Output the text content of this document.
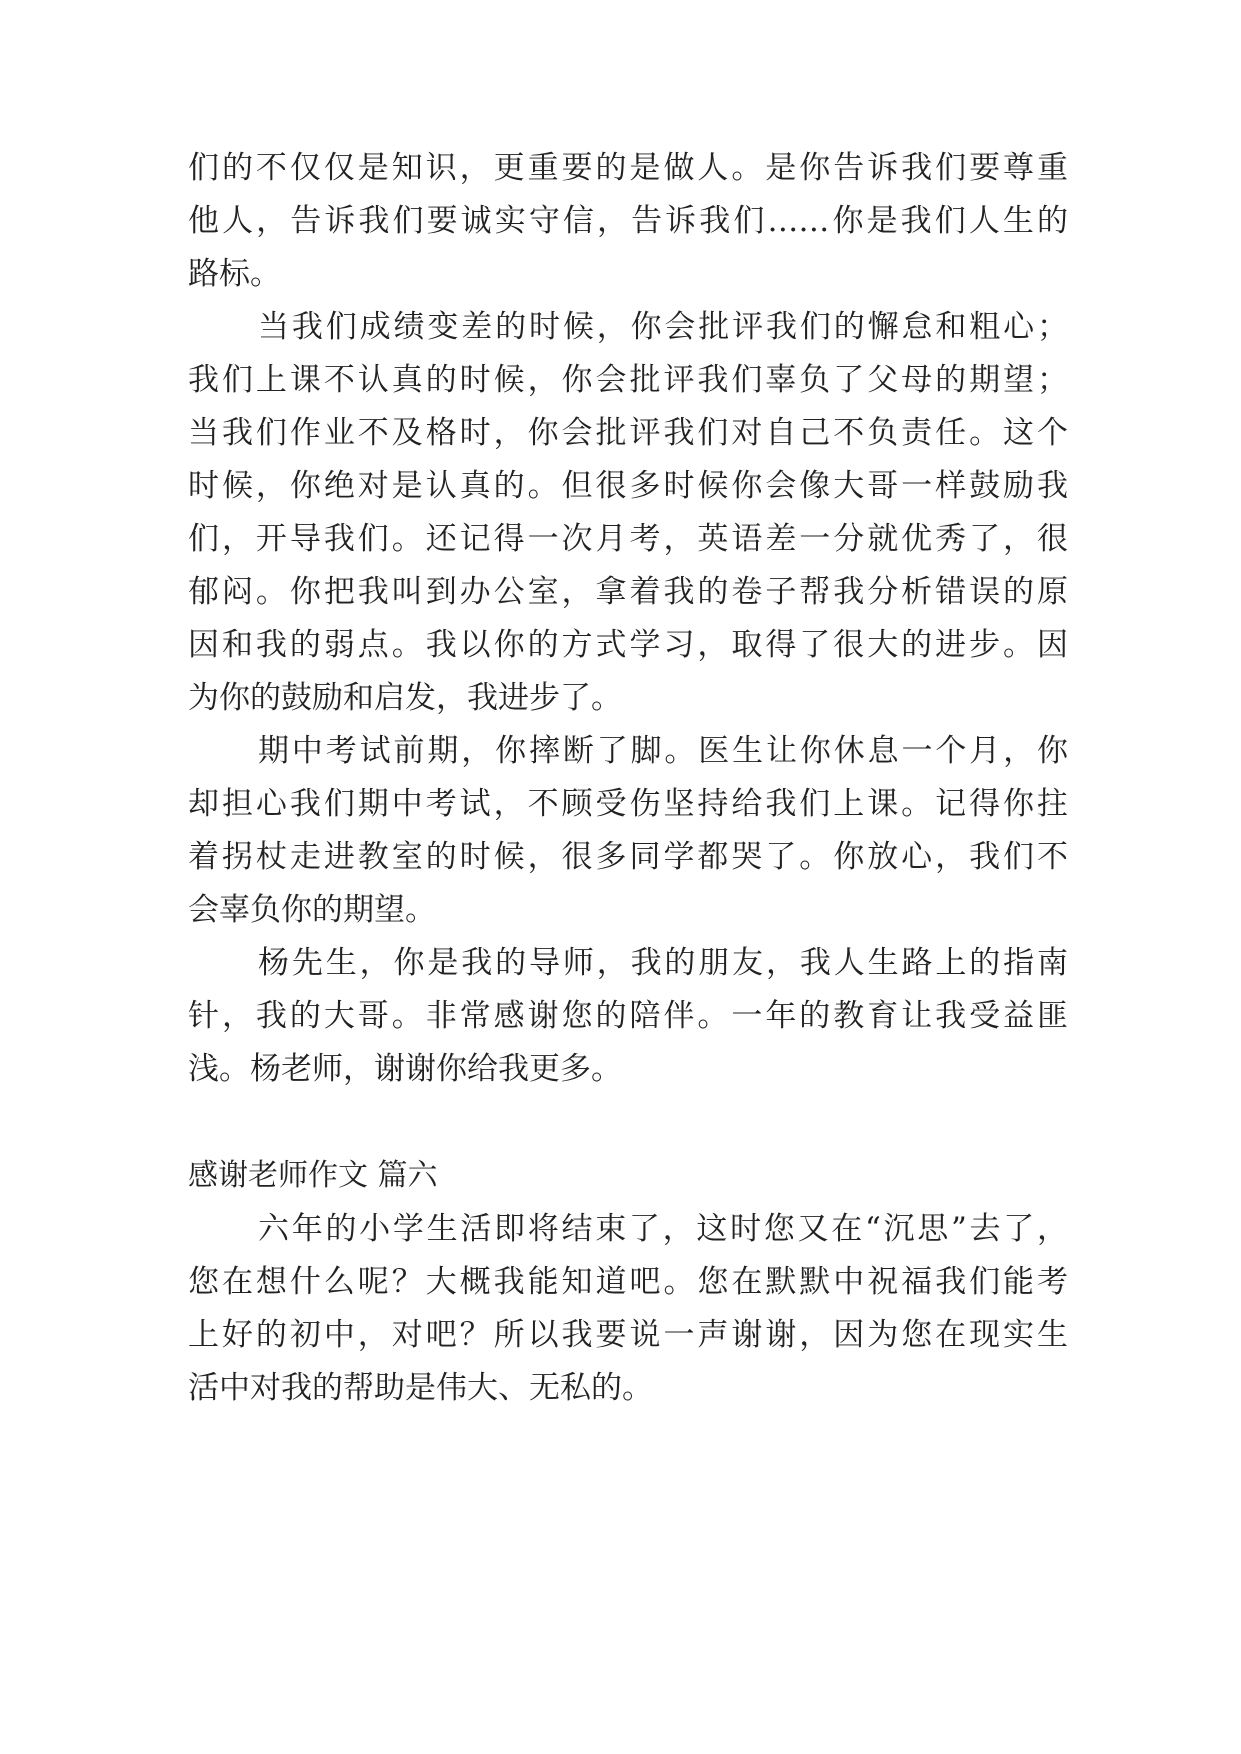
们的不仅仅是知识，更重要的是做人。是你告诉我们要尊重
他人，告诉我们要诚实守信，告诉我们……你是我们人生的
路标。
当我们成绩变差的时候，你会批评我们的懈怠和粗心；
我们上课不认真的时候，你会批评我们辜负了父母的期望；
当我们作业不及格时，你会批评我们对自己不负责任。这个
时候，你绝对是认真的。但很多时候你会像大哥一样鼓励我
们，开导我们。还记得一次月考，英语差一分就优秀了，很
郁闷。你把我叫到办公室，拿着我的卷子帮我分析错误的原
因和我的弱点。我以你的方式学习，取得了很大的进步。因
为你的鼓励和启发，我进步了。
期中考试前期，你摔断了脚。医生让你休息一个月，你
却担心我们期中考试，不顾受伤坚持给我们上课。记得你拄
着拐杖走进教室的时候，很多同学都哭了。你放心，我们不
会辜负你的期望。
杨先生，你是我的导师，我的朋友，我人生路上的指南
针，我的大哥。非常感谢您的陪伴。一年的教育让我受益匪
浅。杨老师，谢谢你给我更多。
感谢老师作文 篇六
六年的小学生活即将结束了，这时您又在“沉思”去了，
您在想什么呢？大概我能知道吧。您在默默中祝福我们能考
上好的初中，对吧？所以我要说一声谢谢，因为您在现实生
活中对我的帮助是伟大、无私的。
